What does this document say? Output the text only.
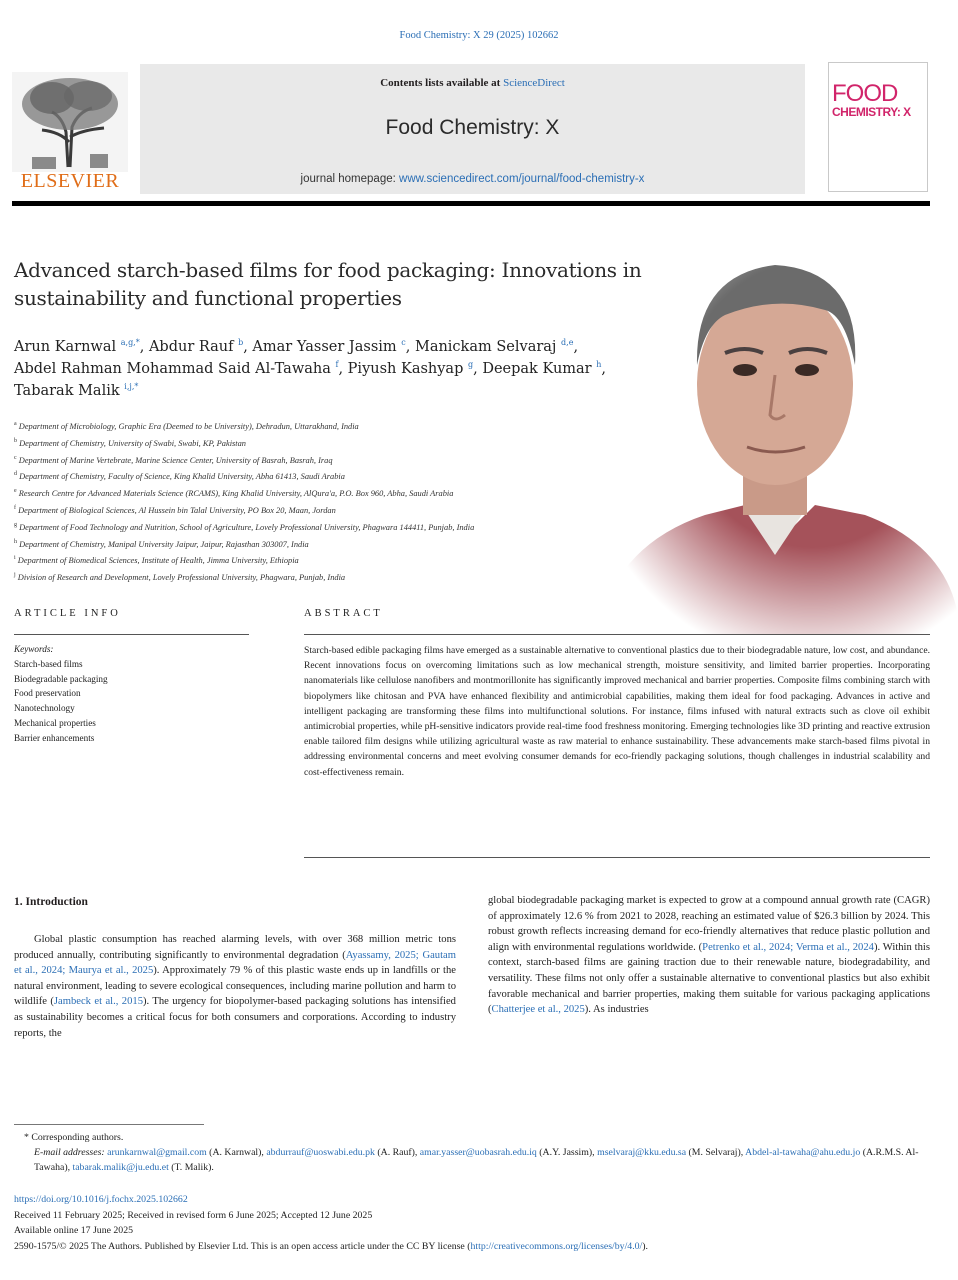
Food Chemistry: X 29 (2025) 102662
ELSEVIER
Contents lists available at ScienceDirect
Food Chemistry: X
journal homepage: www.sciencedirect.com/journal/food-chemistry-x
FOOD
CHEMISTRY: X
Advanced starch-based films for food packaging: Innovations in
sustainability and functional properties
Arun Karnwal $^{a,g,*}$, Abdur Rauf $^b$, Amar Yasser Jassim $^c$, Manickam Selvaraj $^{d,e}$,
Abdel Rahman Mohammad Said Al-Tawaha $^f$, Piyush Kashyap $^g$, Deepak Kumar $^h$,
Tabarak Malik $^{i,j,*}$
$^a$ Department of Microbiology, Graphic Era (Deemed to be University), Dehradun, Uttarakhand, India
$^b$ Department of Chemistry, University of Swabi, Swabi, KP, Pakistan
$^c$ Department of Marine Vertebrate, Marine Science Center, University of Basrah, Basrah, Iraq
$^d$ Department of Chemistry, Faculty of Science, King Khalid University, Abha 61413, Saudi Arabia
$^e$ Research Centre for Advanced Materials Science (RCAMS), King Khalid University, AlQura'a, P.O. Box 960, Abha, Saudi Arabia
$^f$ Department of Biological Sciences, Al Hussein bin Talal University, PO Box 20, Maan, Jordan
$^g$ Department of Food Technology and Nutrition, School of Agriculture, Lovely Professional University, Phagwara 144411, Punjab, India
$^h$ Department of Chemistry, Manipal University Jaipur, Jaipur, Rajasthan 303007, India
$^i$ Department of Biomedical Sciences, Institute of Health, Jimma University, Ethiopia
$^j$ Division of Research and Development, Lovely Professional University, Phagwara, Punjab, India
ARTICLE INFO	ABSTRACT
Keywords:
Starch-based films
Biodegradable packaging
Food preservation
Nanotechnology
Mechanical properties
Barrier enhancements
Starch-based edible packaging films have emerged as a sustainable alternative to conventional plastics due to their biodegradable nature, low cost, and abundance. Recent innovations focus on overcoming limitations such as low mechanical strength, moisture sensitivity, and limited barrier properties. Incorporating nanomaterials like cellulose nanofibers and montmorillonite has significantly improved mechanical and barrier properties. Composite films combining starch with biopolymers like chitosan and PVA have enhanced flexibility and antimicrobial capabilities, making them ideal for food packaging. Advances in active and intelligent packaging are transforming these films into multifunctional solutions. For instance, films infused with natural extracts such as clove oil exhibit antimicrobial properties, while pH-sensitive indicators provide real-time food freshness monitoring. Emerging technologies like 3D printing and reactive extrusion enable tailored film designs while utilizing agricultural waste as raw material to enhance sustainability. These advancements make starch-based films pivotal in addressing environmental concerns and meet evolving consumer demands for eco-friendly packaging solutions, though challenges in industrial scalability and cost-effectiveness remain.
1. Introduction
Global plastic consumption has reached alarming levels, with over 368 million metric tons produced annually, contributing significantly to environmental degradation (Ayassamy, 2025; Gautam et al., 2024; Maurya et al., 2025). Approximately 79 % of this plastic waste ends up in landfills or the natural environment, leading to severe ecological consequences, including marine pollution and harm to wildlife (Jambeck et al., 2015). The urgency for biopolymer-based packaging solutions has intensified as sustainability becomes a critical focus for both consumers and corporations. According to industry reports, the
global biodegradable packaging market is expected to grow at a compound annual growth rate (CAGR) of approximately 12.6 % from 2021 to 2028, reaching an estimated value of $26.3 billion by 2024. This robust growth reflects increasing demand for eco-friendly alternatives that reduce plastic pollution and align with environmental regulations worldwide. (Petrenko et al., 2024; Verma et al., 2024). Within this context, starch-based films are gaining traction due to their renewable nature, biodegradability, and versatility. These films not only offer a sustainable alternative to conventional plastics but also exhibit favorable mechanical and barrier properties, making them suitable for various packaging applications (Chatterjee et al., 2025). As industries
* Corresponding authors.
E-mail addresses: arunkarnwal@gmail.com (A. Karnwal), abdurrauf@uoswabi.edu.pk (A. Rauf), amar.yasser@uobasrah.edu.iq (A.Y. Jassim), mselvaraj@kku.edu.sa (M. Selvaraj), Abdel-al-tawaha@ahu.edu.jo (A.R.M.S. Al-Tawaha), tabarak.malik@ju.edu.et (T. Malik).
https://doi.org/10.1016/j.fochx.2025.102662
Received 11 February 2025; Received in revised form 6 June 2025; Accepted 12 June 2025
Available online 17 June 2025
2590-1575/© 2025 The Authors. Published by Elsevier Ltd. This is an open access article under the CC BY license (http://creativecommons.org/licenses/by/4.0/).
